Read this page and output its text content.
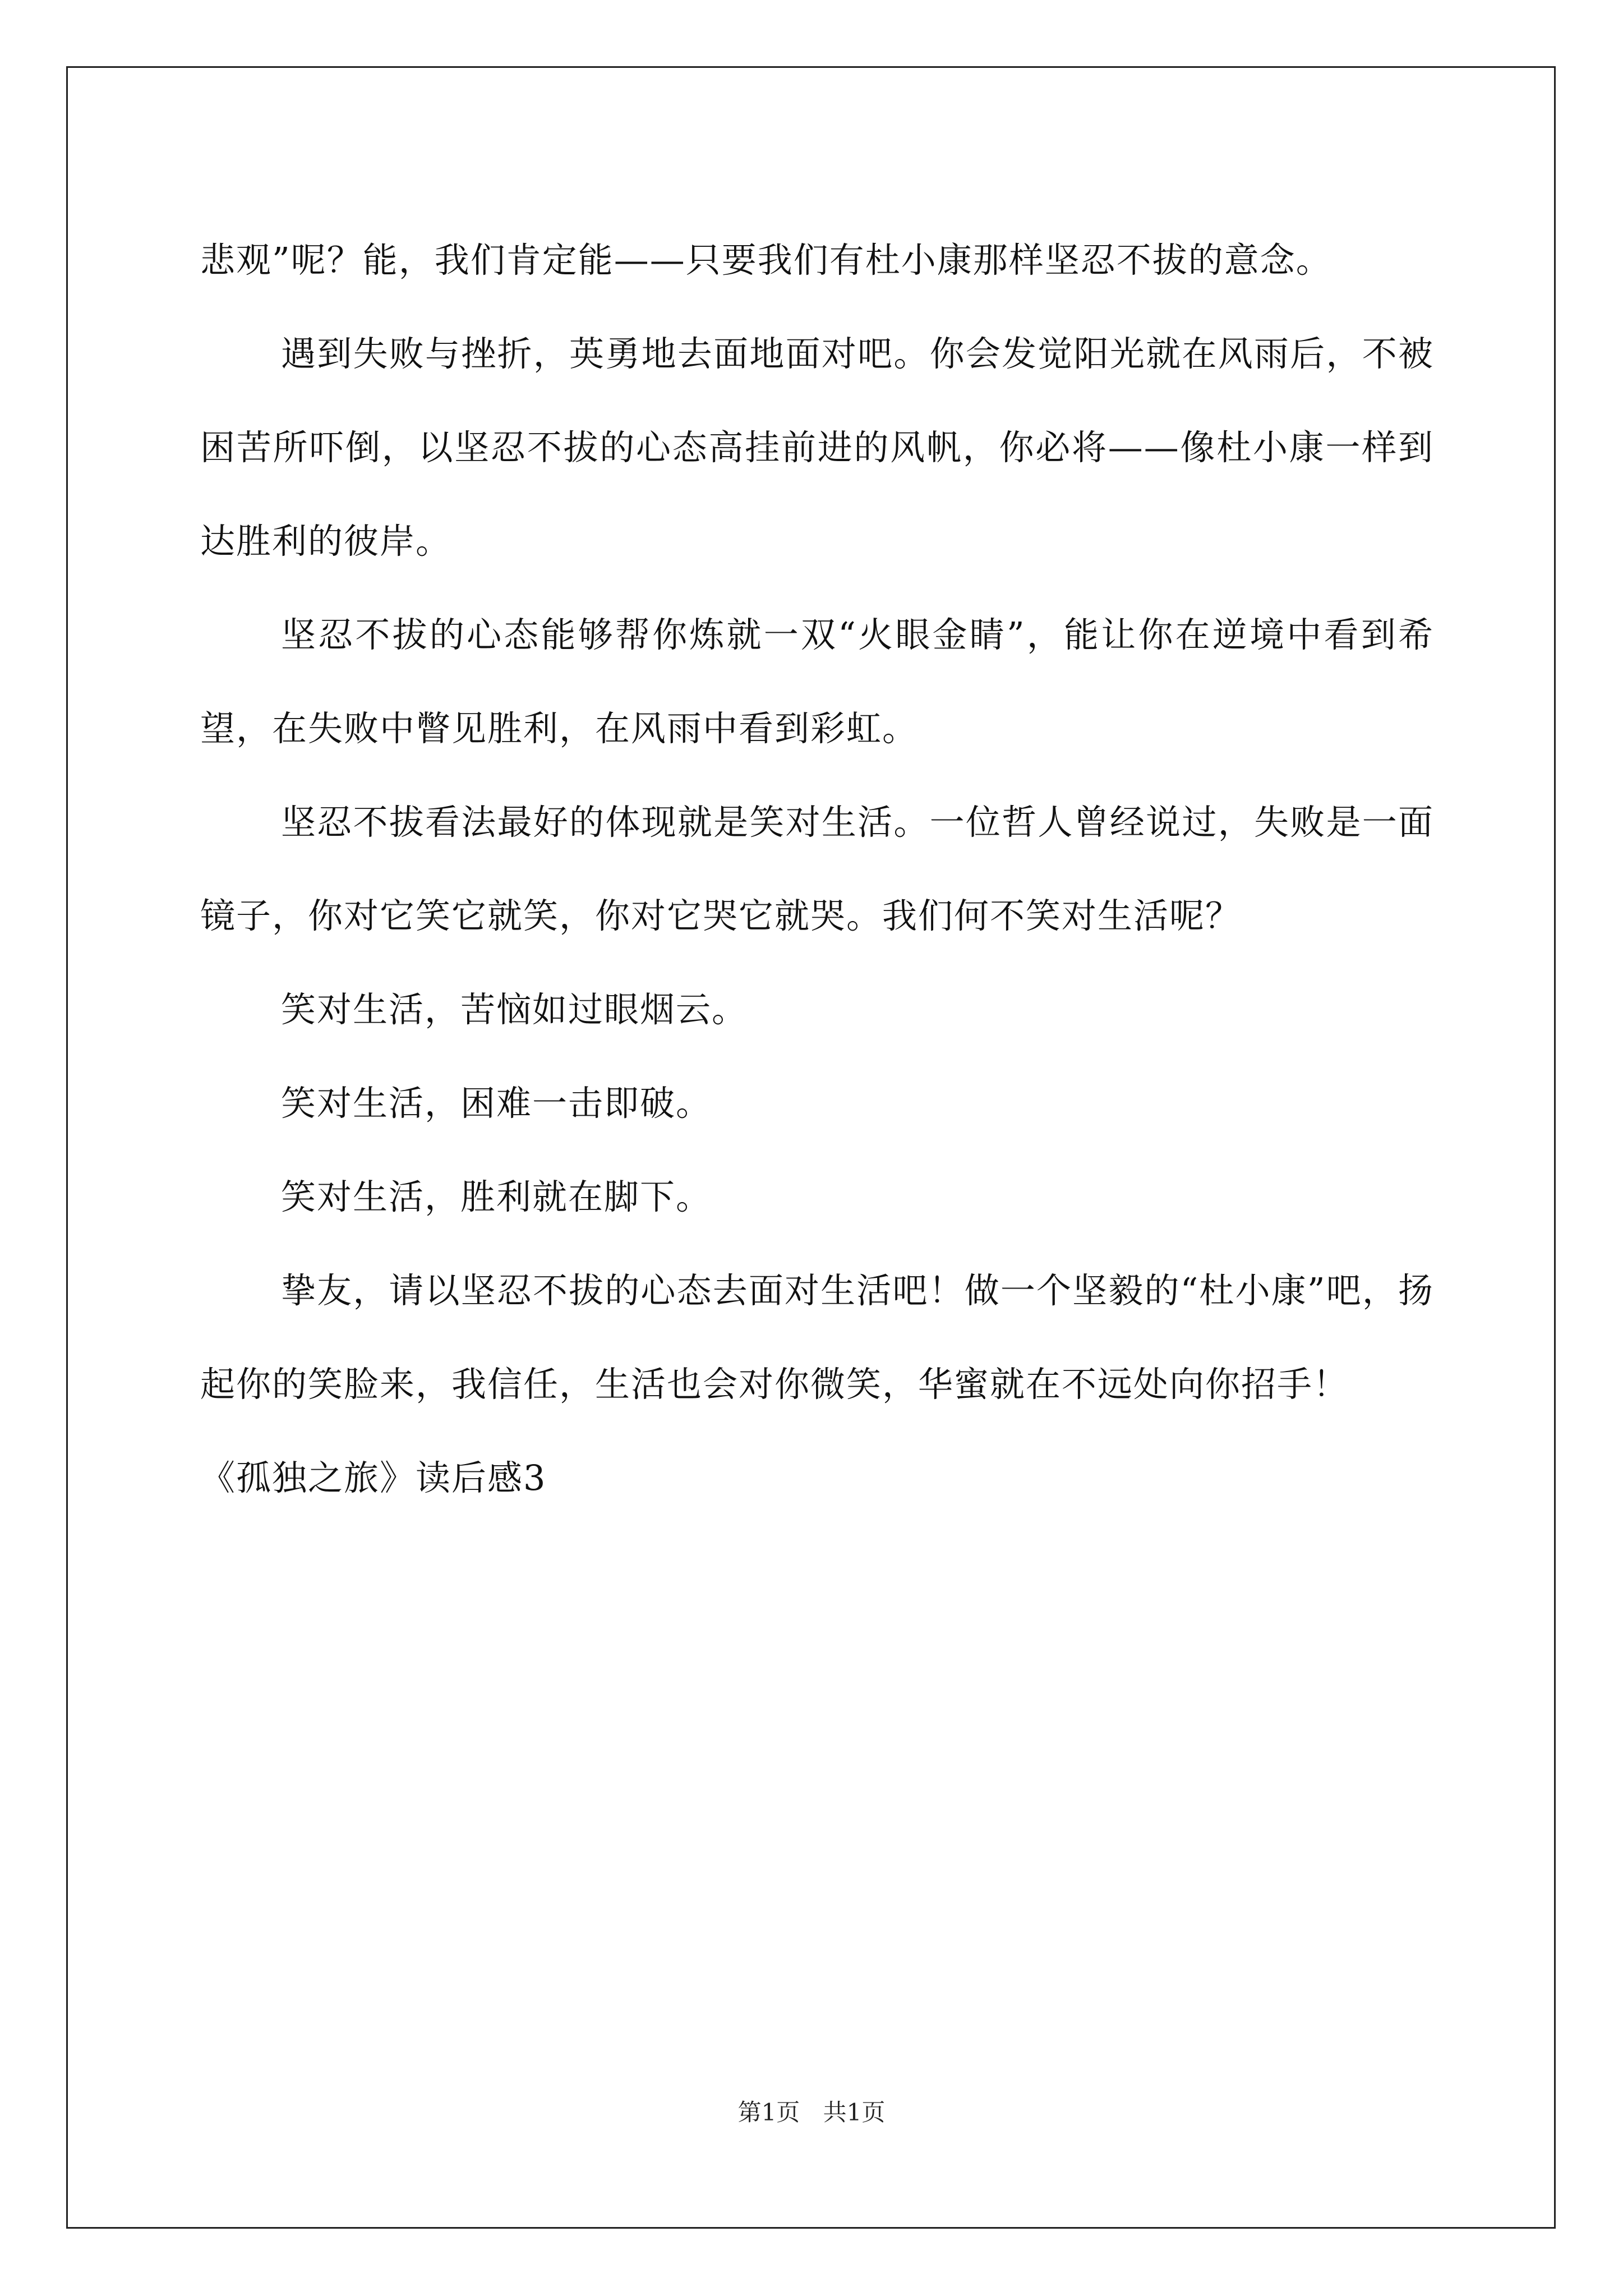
悲观”呢？能，我们肯定能——只要我们有杜小康那样坚忍不拔的意念。

遇到失败与挫折，英勇地去面地面对吧。你会发觉阳光就在风雨后，不被困苦所吓倒，以坚忍不拔的心态高挂前进的风帆，你必将——像杜小康一样到达胜利的彼岸。

坚忍不拔的心态能够帮你炼就一双“火眼金睛”，能让你在逆境中看到希望，在失败中瞥见胜利，在风雨中看到彩虹。

坚忍不拔看法最好的体现就是笑对生活。一位哲人曾经说过，失败是一面镜子，你对它笑它就笑，你对它哭它就哭。我们何不笑对生活呢？

笑对生活，苦恼如过眼烟云。

笑对生活，困难一击即破。

笑对生活，胜利就在脚下。

挚友，请以坚忍不拔的心态去面对生活吧！做一个坚毅的“杜小康”吧，扬起你的笑脸来，我信任，生活也会对你微笑，华蜜就在不远处向你招手！

《孤独之旅》读后感3

第1页 共1页
